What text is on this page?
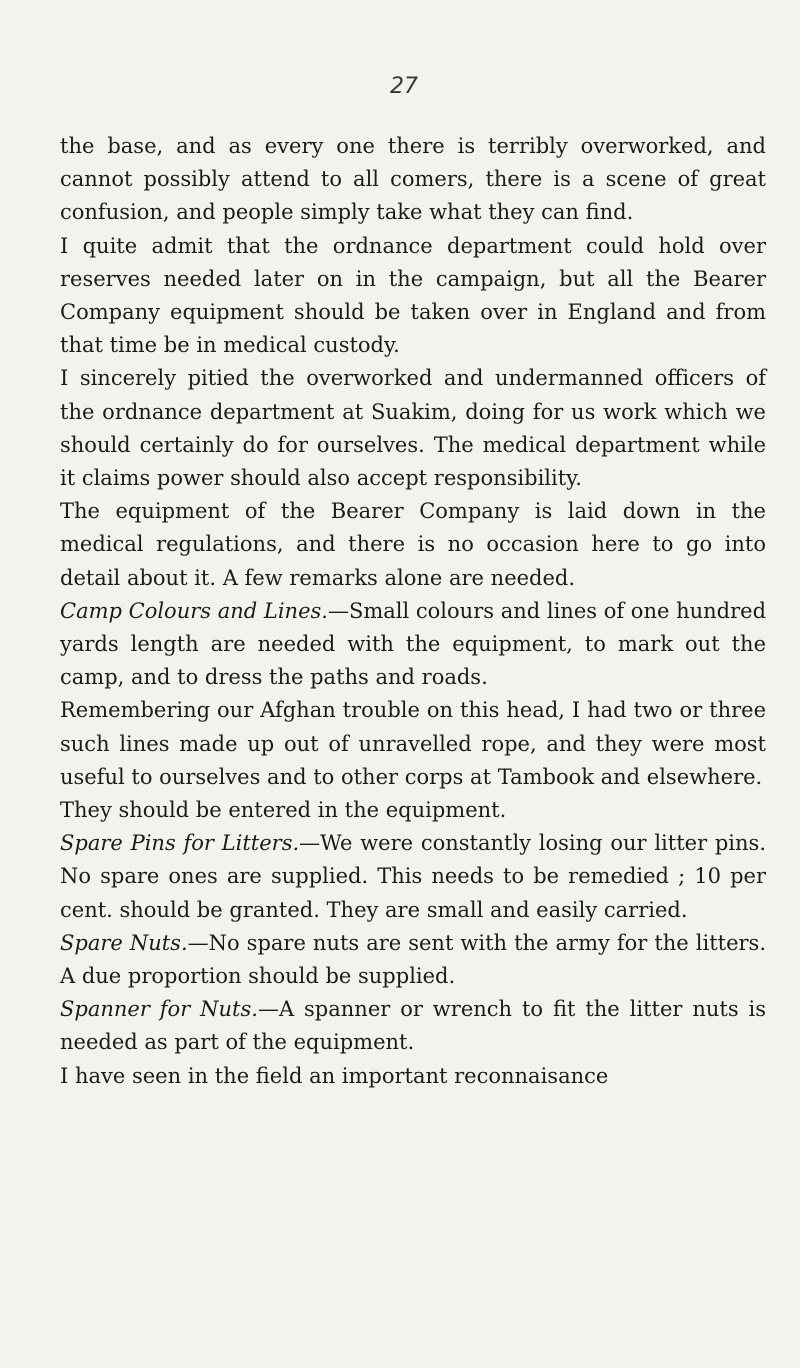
27

the base, and as every one there is terribly overworked, and cannot possibly attend to all comers, there is a scene of great confusion, and people simply take what they can find.

I quite admit that the ordnance department could hold over reserves needed later on in the campaign, but all the Bearer Company equipment should be taken over in England and from that time be in medical custody.

I sincerely pitied the overworked and undermanned officers of the ordnance department at Suakim, doing for us work which we should certainly do for ourselves. The medical department while it claims power should also accept responsibility.

The equipment of the Bearer Company is laid down in the medical regulations, and there is no occasion here to go into detail about it. A few remarks alone are needed.

Camp Colours and Lines.—Small colours and lines of one hundred yards length are needed with the equipment, to mark out the camp, and to dress the paths and roads.

Remembering our Afghan trouble on this head, I had two or three such lines made up out of unravelled rope, and they were most useful to ourselves and to other corps at Tambook and elsewhere.

They should be entered in the equipment.

Spare Pins for Litters.—We were constantly losing our litter pins. No spare ones are supplied. This needs to be remedied ; 10 per cent. should be granted. They are small and easily carried.

Spare Nuts.—No spare nuts are sent with the army for the litters. A due proportion should be supplied.

Spanner for Nuts.—A spanner or wrench to fit the litter nuts is needed as part of the equipment.

I have seen in the field an important reconnaisance
